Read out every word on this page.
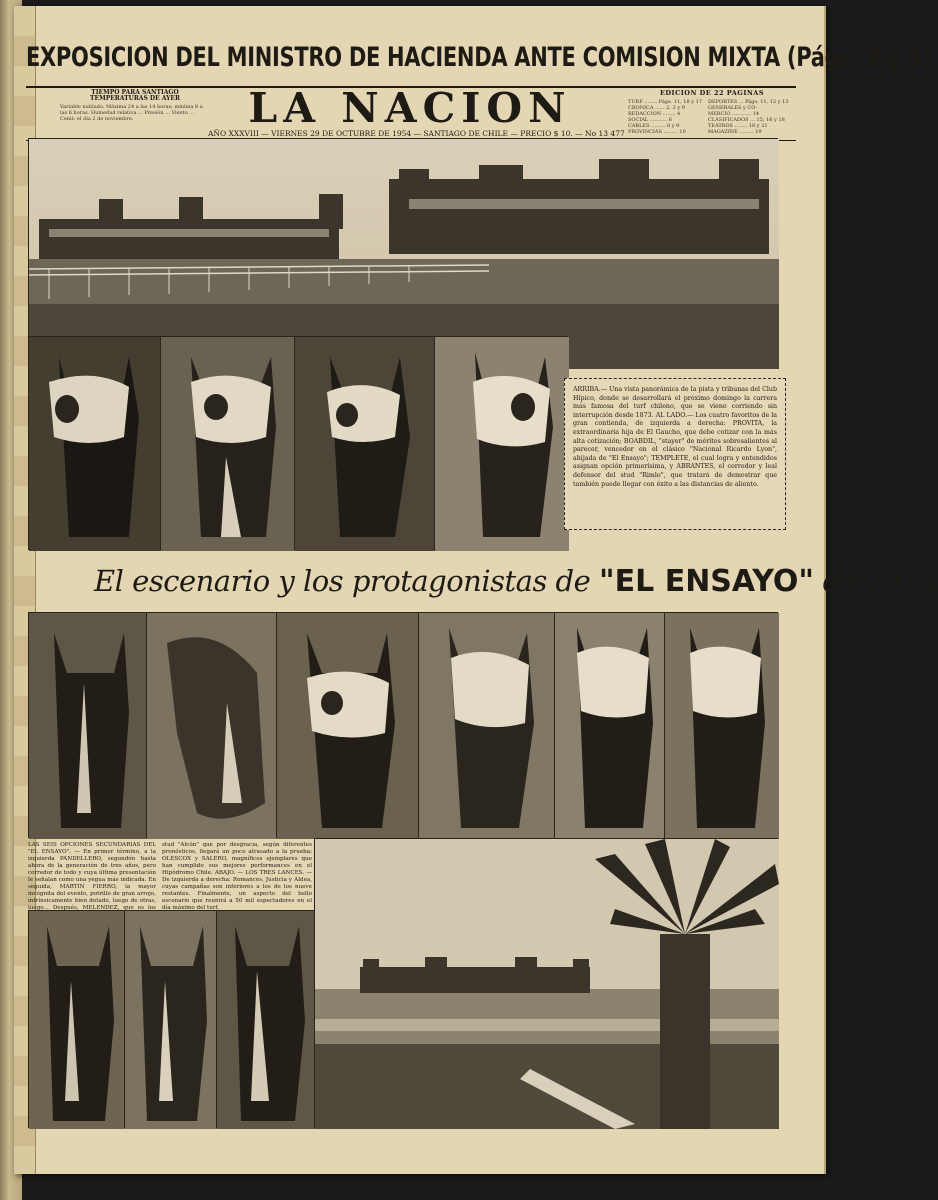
EXPOSICION DEL MINISTRO DE HACIENDA ANTE COMISION MIXTA (Págs. 2 y 3)
TIEMPO PARA SANTIAGO
TEMPERATURAS DE AYER
Variable nublado. Máxima 24 a las 14 horas; mínima 8 a las 6 horas. Humedad relativa ... Presión ... Viento ... Cenit: el día 2 de noviembre.	LA NACION
AÑO XXXVIII — VIERNES 29 DE OCTUBRE DE 1954 — SANTIAGO DE CHILE — PRECIO $ 10. — No 13 477
EDICION DE 22 PAGINAS
TURF ........ Págs. 11, 18 y 17
CRONICA ...... 2, 3 y 9
REDACCION ........ 4
SOCIAL ........... 6
CABLES ......... 8 y 9
PROVINCIAS ......... 10
DEPORTES ... Págs. 11, 12 y 13
GENERALES y CO-
MERCIO ............ 14
CLASIFICADOS ... 15, 16 y 18
TEATROS ........ 18 y 21
MAGAZINE ......... 19

ARRIBA.— Una vista panorámica de la pista y tribunas del Club Hípico, donde se desarrollará el próximo domingo la carrera más famosa del turf chileno, que se viene corriendo sin interrupción desde 1873. AL LADO.— Los cuatro favoritos de la gran contienda, de izquierda a derecha: PROVITA, la extraordinaria hija de El Gaucho, que debe cotizar con la más alta cotización; BOABDIL, "stayer" de méritos sobresalientes al parecer, vencedor en el clásico "Nacional Ricardo Lyon", ahijada de "El Ensayo"; TEMPLETE, el cual logra y entendidos asignan opción primerísima, y ABRANTES, el corredor y leal defensor del stud "Rimlo", que tratará de demostrar que también puede llegar con éxito a las distancias de aliento.

El escenario y los protagonistas de "EL ENSAYO" de 1954
LAS SEIS OPCIONES SECUNDARIAS DEL "EL ENSAYO". — En primer término, a la izquierda PANDELLERO, segundón hasta ahora de la generación de tres años, pero corredor de todo y cuya última presentación le señalan como una yegua más indicada. En seguida, MARTIN FIERRO, la mayor incógnita del evento, potrillo de gran arrojo, intrínsicamente bien dotado, luego de otras, luego... Después, MELENDEZ, que es los
stud "Alcón" que por desgracia, según diferentes pronósticos, llegará un poco atrasado a la prueba; OLESCOX y SALERO, magníficos ejemplares que han cumplido sus mejores performances en el Hipódromo Chile. ABAJO. — LOS TRES LANCES. — De izquierda a derecha: Romances, Justicia y Aldea, cuyas campañas son inferiores a los de los nueve restantes. Finalmente, un aspecto del bello escenario que reunirá a 50 mil espectadores en el día máximo del turf.
